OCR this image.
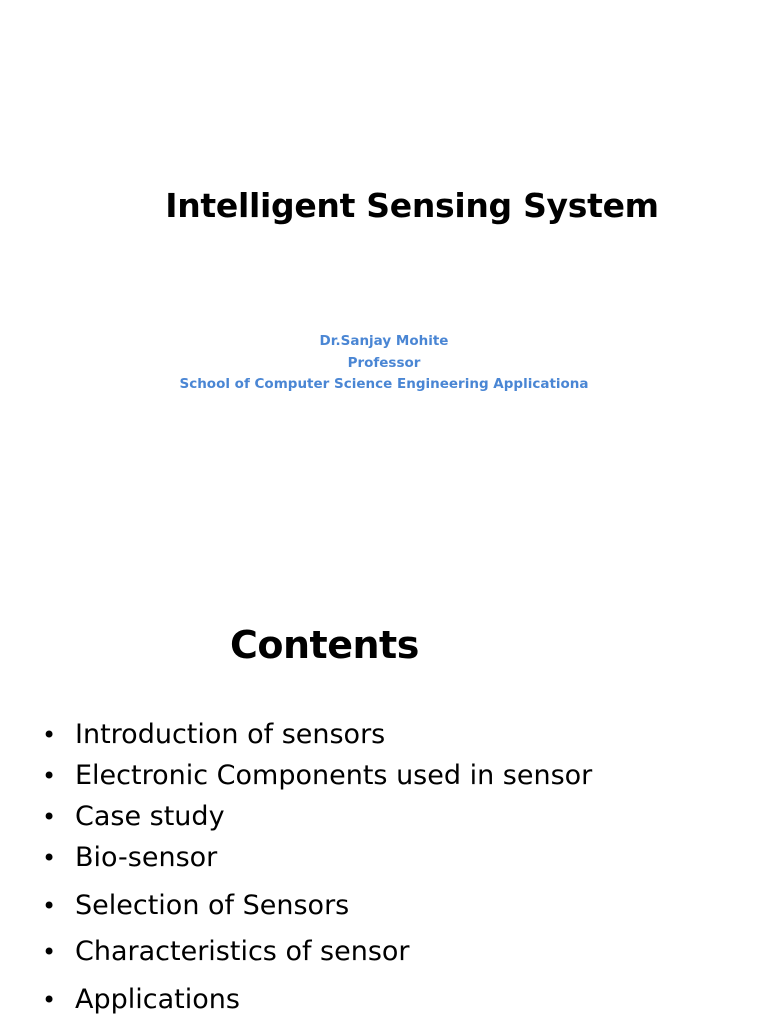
Intelligent Sensing System
Dr.Sanjay Mohite
Professor
School of Computer Science Engineering Applicationa
Contents
• Introduction of sensors
• Electronic Components used in sensor
• Case study
• Bio-sensor
• Selection of Sensors
• Characteristics of sensor
• Applications
